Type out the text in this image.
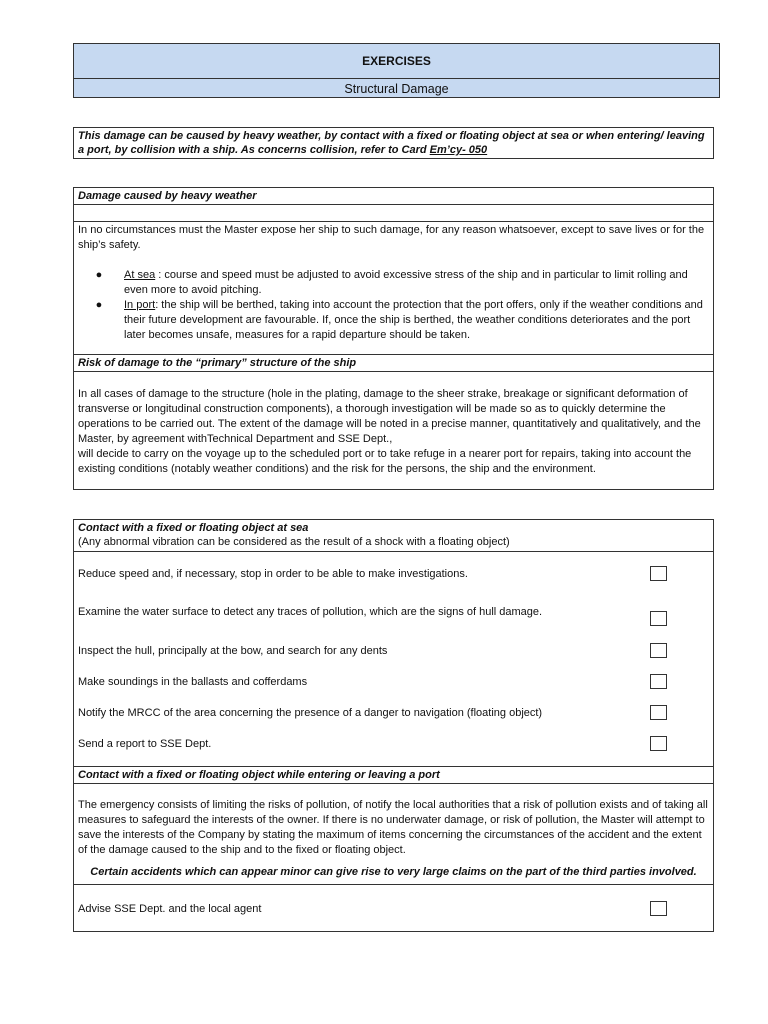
EXERCISES
Structural Damage
This damage can be caused by heavy weather, by contact with a fixed or floating object at sea or when entering/ leaving a port, by collision with a ship. As concerns collision, refer to Card Em’cy- 050
Damage caused by heavy weather
In no circumstances must the Master expose her ship to such damage, for any reason whatsoever, except to save lives or for the ship’s safety.
●	At sea : course and speed must be adjusted to avoid excessive stress of the ship and in particular to limit rolling and even more to avoid pitching.
●	In port: the ship will be berthed, taking into account the protection that the port offers, only if the weather conditions and their future development are favourable. If, once the ship is berthed, the weather conditions deteriorates and the port later becomes unsafe, measures for a rapid departure should be taken.
Risk of damage to the “primary” structure of the ship
In all cases of damage to the structure (hole in the plating, damage to the sheer strake, breakage or significant deformation of transverse or longitudinal construction components), a thorough investigation will be made so as to quickly determine the operations to be carried out. The extent of the damage will be noted in a precise manner, quantitatively and qualitatively, and the Master, by agreement withTechnical Department and SSE Dept.,
will decide to carry on the voyage up to the scheduled port or to take refuge in a nearer port for repairs, taking into account the existing conditions (notably weather conditions) and the risk for the persons, the ship and the environment.
Contact with a fixed or floating object at sea
(Any abnormal vibration can be considered as the result of a shock with a floating object)
Reduce speed and, if necessary, stop in order to be able to make investigations.
Examine the water surface to detect any traces of pollution, which are the signs of hull damage.
Inspect the hull, principally at the bow, and search for any dents
Make soundings in the ballasts and cofferdams
Notify the MRCC of the area concerning the presence of a danger to navigation (floating object)
Send a report to SSE Dept.
Contact with a fixed or floating object while entering or leaving a port
The emergency consists of limiting the risks of pollution, of notify the local authorities that a risk of pollution exists and of taking all measures to safeguard the interests of the owner. If there is no underwater damage, or risk of pollution, the Master will attempt to save the interests of the Company by stating the maximum of items concerning the circumstances of the accident and the extent of the damage caused to the ship and to the fixed or floating object.
Certain accidents which can appear minor can give rise to very large claims on the part of the third parties involved.
Advise SSE Dept. and the local agent
